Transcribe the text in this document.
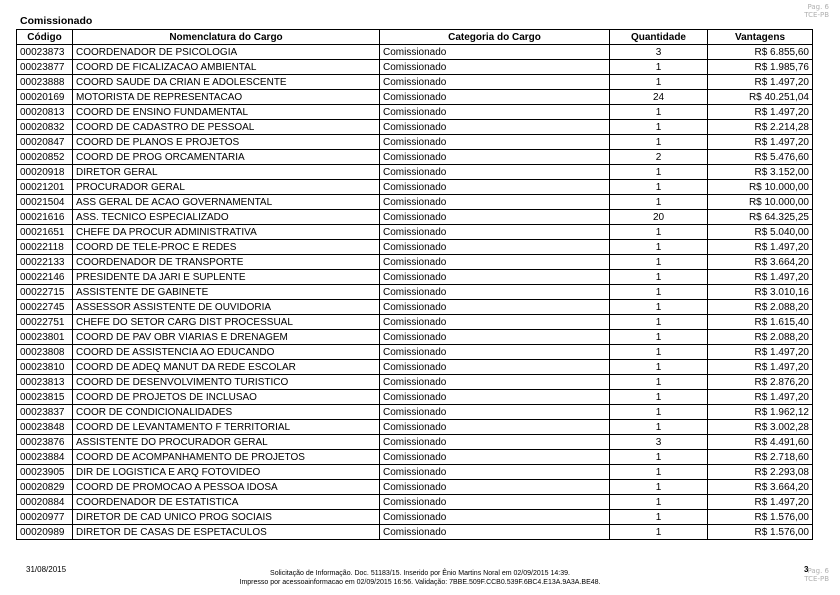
Pag. 6
TCE-PB
Comissionado
Código	Nomenclatura do Cargo	Categoria do Cargo	Quantidade	Vantagens
00023873	COORDENADOR DE PSICOLOGIA	Comissionado	3	R$ 6.855,60
00023877	COORD DE FICALIZACAO AMBIENTAL	Comissionado	1	R$ 1.985,76
00023888	COORD SAUDE DA CRIAN E ADOLESCENTE	Comissionado	1	R$ 1.497,20
00020169	MOTORISTA DE REPRESENTACAO	Comissionado	24	R$ 40.251,04
00020813	COORD DE ENSINO FUNDAMENTAL	Comissionado	1	R$ 1.497,20
00020832	COORD DE CADASTRO DE PESSOAL	Comissionado	1	R$ 2.214,28
00020847	COORD DE PLANOS E PROJETOS	Comissionado	1	R$ 1.497,20
00020852	COORD DE PROG ORCAMENTARIA	Comissionado	2	R$ 5.476,60
00020918	DIRETOR GERAL	Comissionado	1	R$ 3.152,00
00021201	PROCURADOR GERAL	Comissionado	1	R$ 10.000,00
00021504	ASS GERAL DE ACAO GOVERNAMENTAL	Comissionado	1	R$ 10.000,00
00021616	ASS. TECNICO ESPECIALIZADO	Comissionado	20	R$ 64.325,25
00021651	CHEFE DA PROCUR ADMINISTRATIVA	Comissionado	1	R$ 5.040,00
00022118	COORD DE TELE-PROC E REDES	Comissionado	1	R$ 1.497,20
00022133	COORDENADOR DE TRANSPORTE	Comissionado	1	R$ 3.664,20
00022146	PRESIDENTE DA JARI E SUPLENTE	Comissionado	1	R$ 1.497,20
00022715	ASSISTENTE DE GABINETE	Comissionado	1	R$ 3.010,16
00022745	ASSESSOR ASSISTENTE DE OUVIDORIA	Comissionado	1	R$ 2.088,20
00022751	CHEFE DO SETOR CARG DIST PROCESSUAL	Comissionado	1	R$ 1.615,40
00023801	COORD DE PAV OBR VIARIAS E DRENAGEM	Comissionado	1	R$ 2.088,20
00023808	COORD DE ASSISTENCIA AO EDUCANDO	Comissionado	1	R$ 1.497,20
00023810	COORD DE ADEQ MANUT DA REDE ESCOLAR	Comissionado	1	R$ 1.497,20
00023813	COORD DE DESENVOLVIMENTO TURISTICO	Comissionado	1	R$ 2.876,20
00023815	COORD DE PROJETOS DE INCLUSAO	Comissionado	1	R$ 1.497,20
00023837	COOR DE CONDICIONALIDADES	Comissionado	1	R$ 1.962,12
00023848	COORD DE LEVANTAMENTO F TERRITORIAL	Comissionado	1	R$ 3.002,28
00023876	ASSISTENTE DO PROCURADOR GERAL	Comissionado	3	R$ 4.491,60
00023884	COORD DE ACOMPANHAMENTO DE PROJETOS	Comissionado	1	R$ 2.718,60
00023905	DIR DE LOGISTICA E ARQ FOTOVIDEO	Comissionado	1	R$ 2.293,08
00020829	COORD DE PROMOCAO A PESSOA IDOSA	Comissionado	1	R$ 3.664,20
00020884	COORDENADOR DE ESTATISTICA	Comissionado	1	R$ 1.497,20
00020977	DIRETOR DE CAD UNICO PROG SOCIAIS	Comissionado	1	R$ 1.576,00
00020989	DIRETOR DE CASAS DE ESPETACULOS	Comissionado	1	R$ 1.576,00
31/08/2015	Solicitação de Informação. Doc. 51183/15. Inserido por Ênio Martins Noral em 02/09/2015 14:39.
Impresso por acessoainformacao em 02/09/2015 16:56. Validação: 7BBE.509F.CCB0.539F.6BC4.E13A.9A3A.BE48.
3 Pag. 6
TCE-PB
